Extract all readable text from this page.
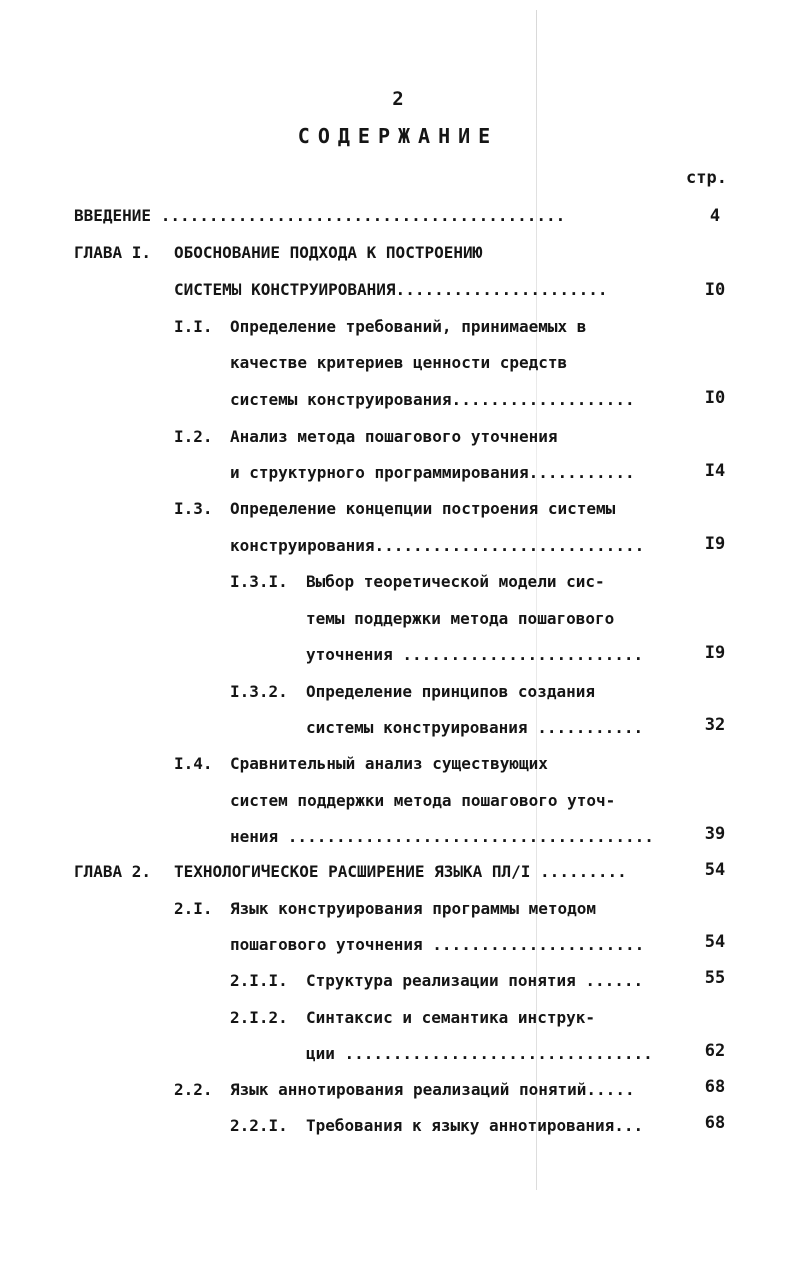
2
СОДЕРЖАНИЕ
стр.
ВВЕДЕНИЕ ..........................................	4
ГЛАВА I. ОБОСНОВАНИЕ ПОДХОДА К ПОСТРОЕНИЮ
СИСТЕМЫ КОНСТРУИРОВАНИЯ......................	I0
I.I. Определение требований, принимаемых в
качестве критериев ценности средств
системы конструирования...................	I0
I.2. Анализ метода пошагового уточнения
и структурного программирования...........	I4
I.3. Определение концепции построения системы
конструирования............................	I9
I.3.I. Выбор теоретической модели сис-
темы поддержки метода пошагового
уточнения .........................	I9
I.3.2. Определение принципов создания
системы конструирования ...........	32
I.4. Сравнительный анализ существующих
систем поддержки метода пошагового уточ-
нения ......................................	39
ГЛАВА 2. ТЕХНОЛОГИЧЕСКОЕ РАСШИРЕНИЕ ЯЗЫКА ПЛ/I .........	54
2.I. Язык конструирования программы методом
пошагового уточнения ......................	54
2.I.I. Структура реализации понятия ......	55
2.I.2. Синтаксис и семантика инструк-
ции ................................	62
2.2. Язык аннотирования реализаций понятий.....	68
2.2.I. Требования к языку аннотирования...	68
